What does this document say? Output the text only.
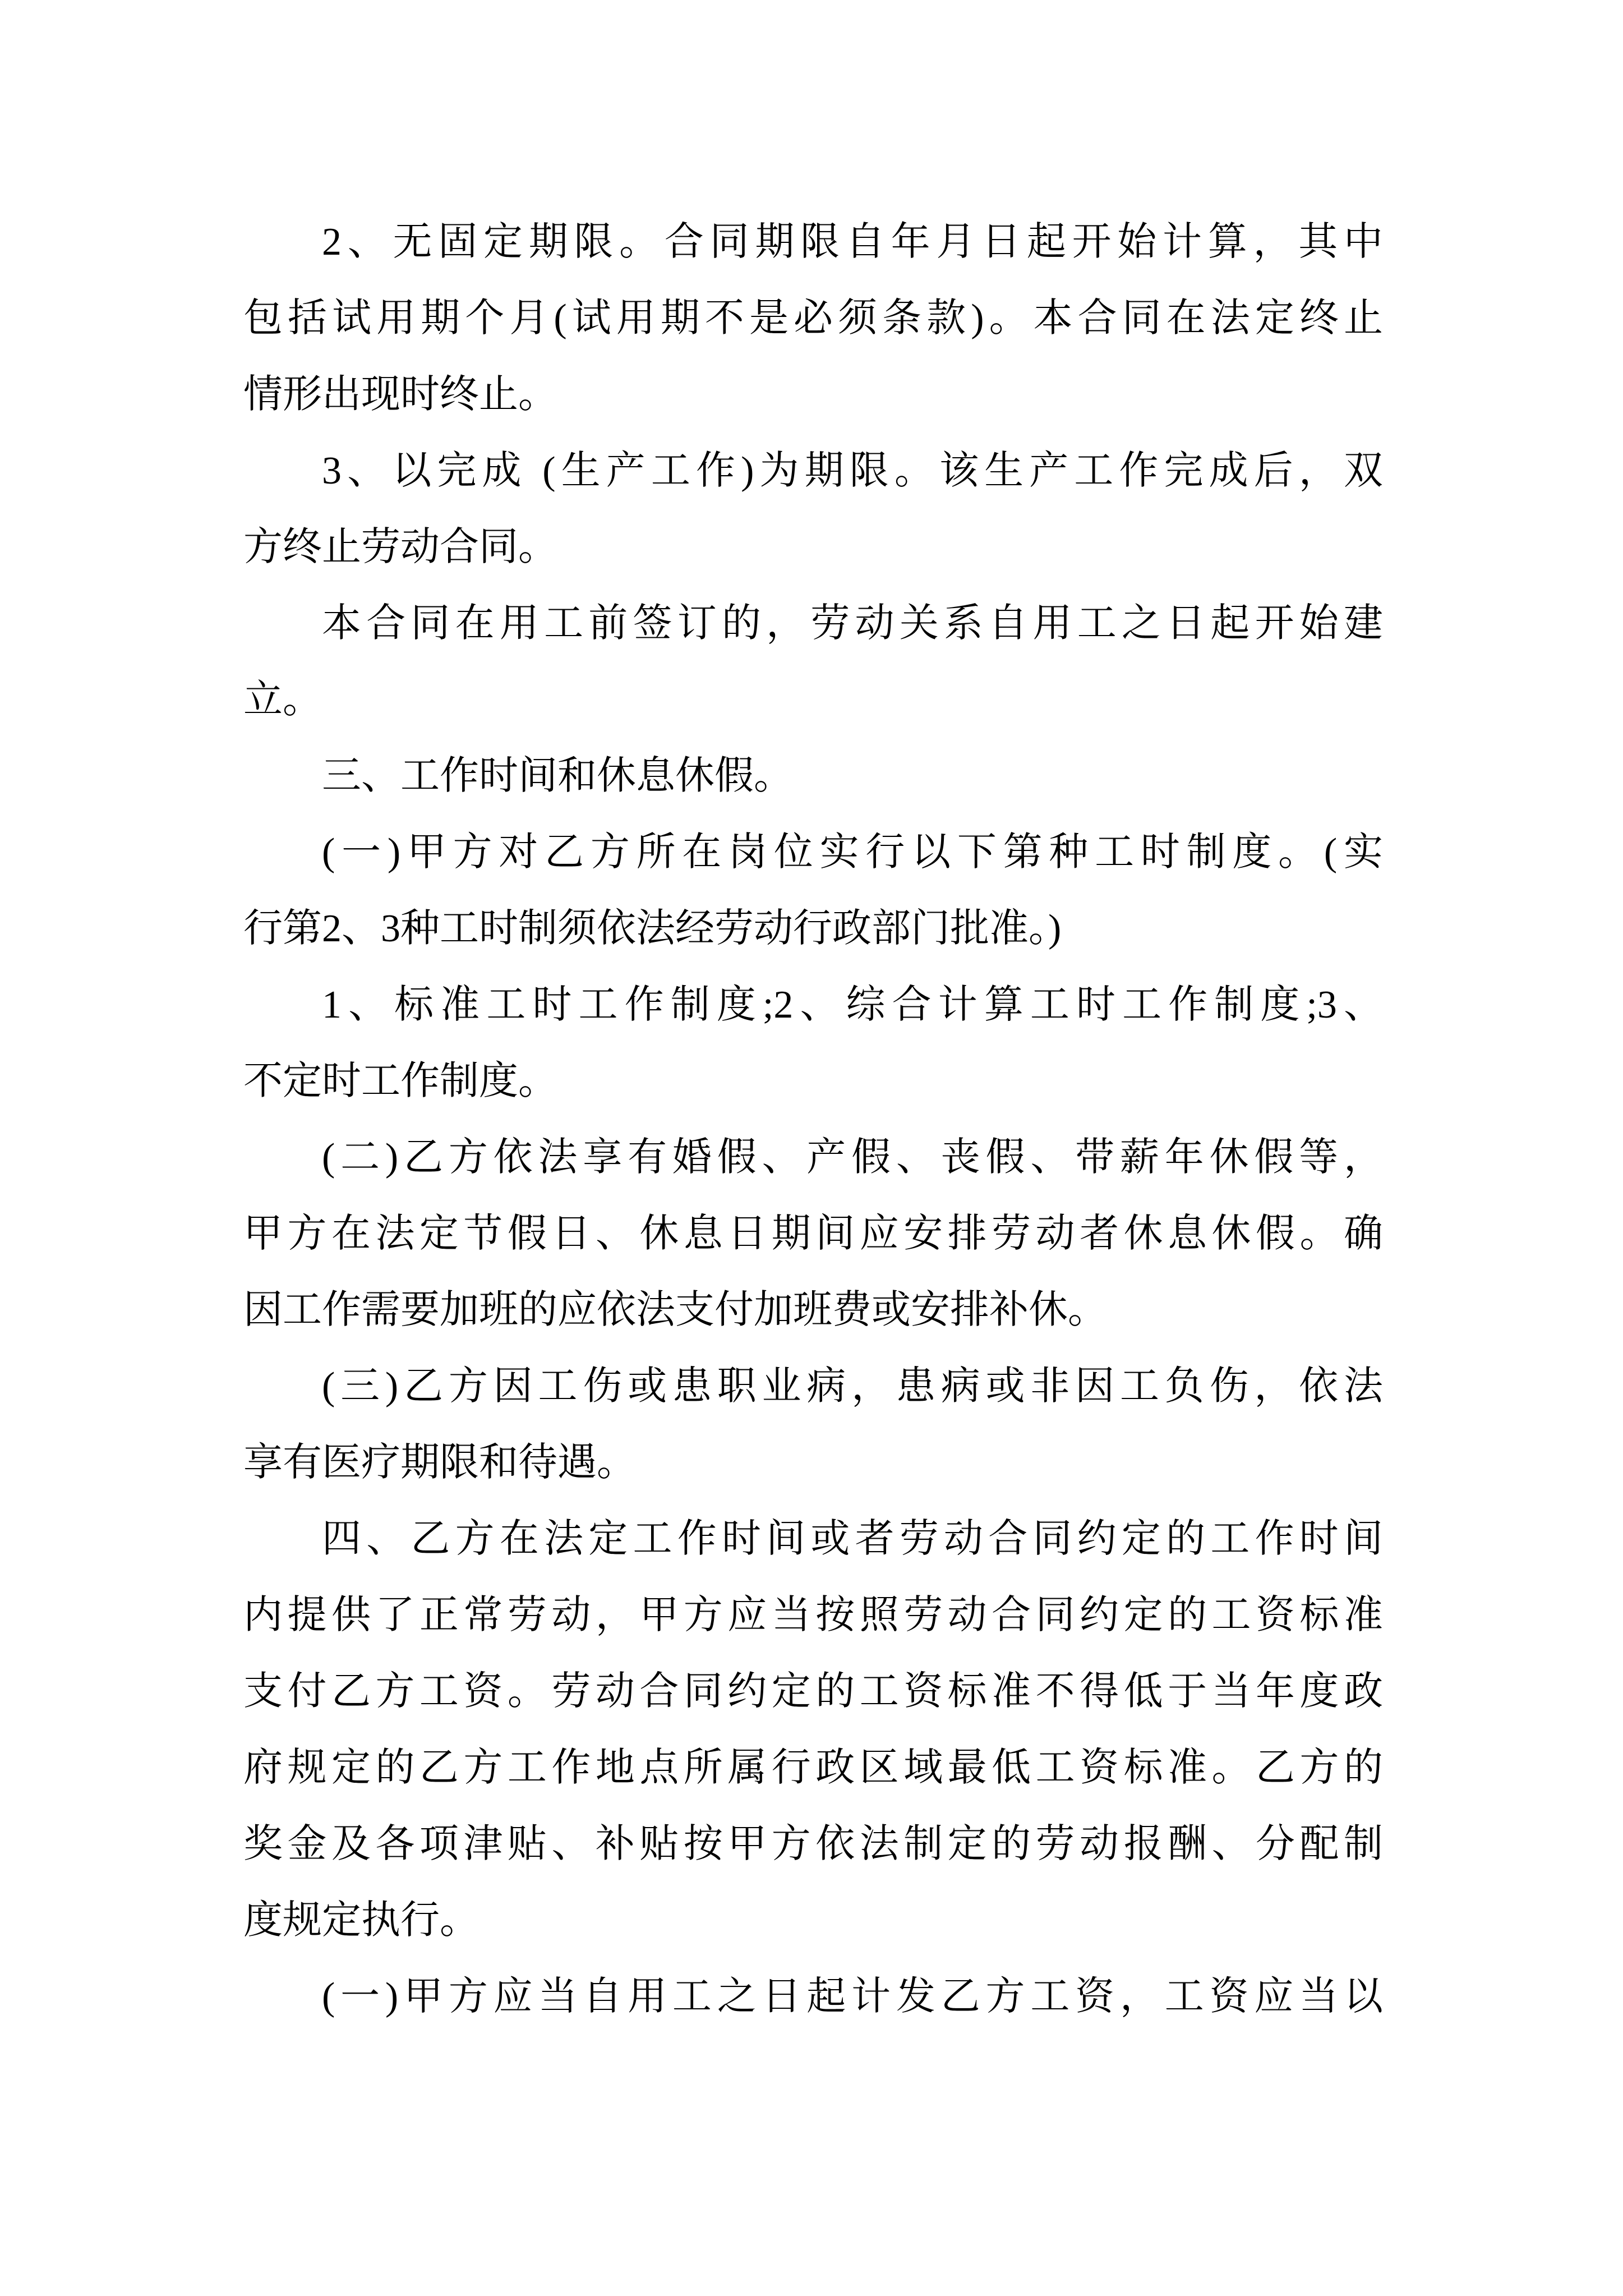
2、无固定期限。合同期限自年月日起开始计算，其中
包括试用期个月(试用期不是必须条款)。本合同在法定终止
情形出现时终止。
3、以完成 (生产工作)为期限。该生产工作完成后，双
方终止劳动合同。
本合同在用工前签订的，劳动关系自用工之日起开始建
立。
三、工作时间和休息休假。
(一)甲方对乙方所在岗位实行以下第种工时制度。(实
行第2、3种工时制须依法经劳动行政部门批准。)
1、标准工时工作制度;2、综合计算工时工作制度;3、
不定时工作制度。
(二)乙方依法享有婚假、产假、丧假、带薪年休假等，
甲方在法定节假日、休息日期间应安排劳动者休息休假。确
因工作需要加班的应依法支付加班费或安排补休。
(三)乙方因工伤或患职业病，患病或非因工负伤，依法
享有医疗期限和待遇。
四、乙方在法定工作时间或者劳动合同约定的工作时间
内提供了正常劳动，甲方应当按照劳动合同约定的工资标准
支付乙方工资。劳动合同约定的工资标准不得低于当年度政
府规定的乙方工作地点所属行政区域最低工资标准。乙方的
奖金及各项津贴、补贴按甲方依法制定的劳动报酬、分配制
度规定执行。
(一)甲方应当自用工之日起计发乙方工资，工资应当以
